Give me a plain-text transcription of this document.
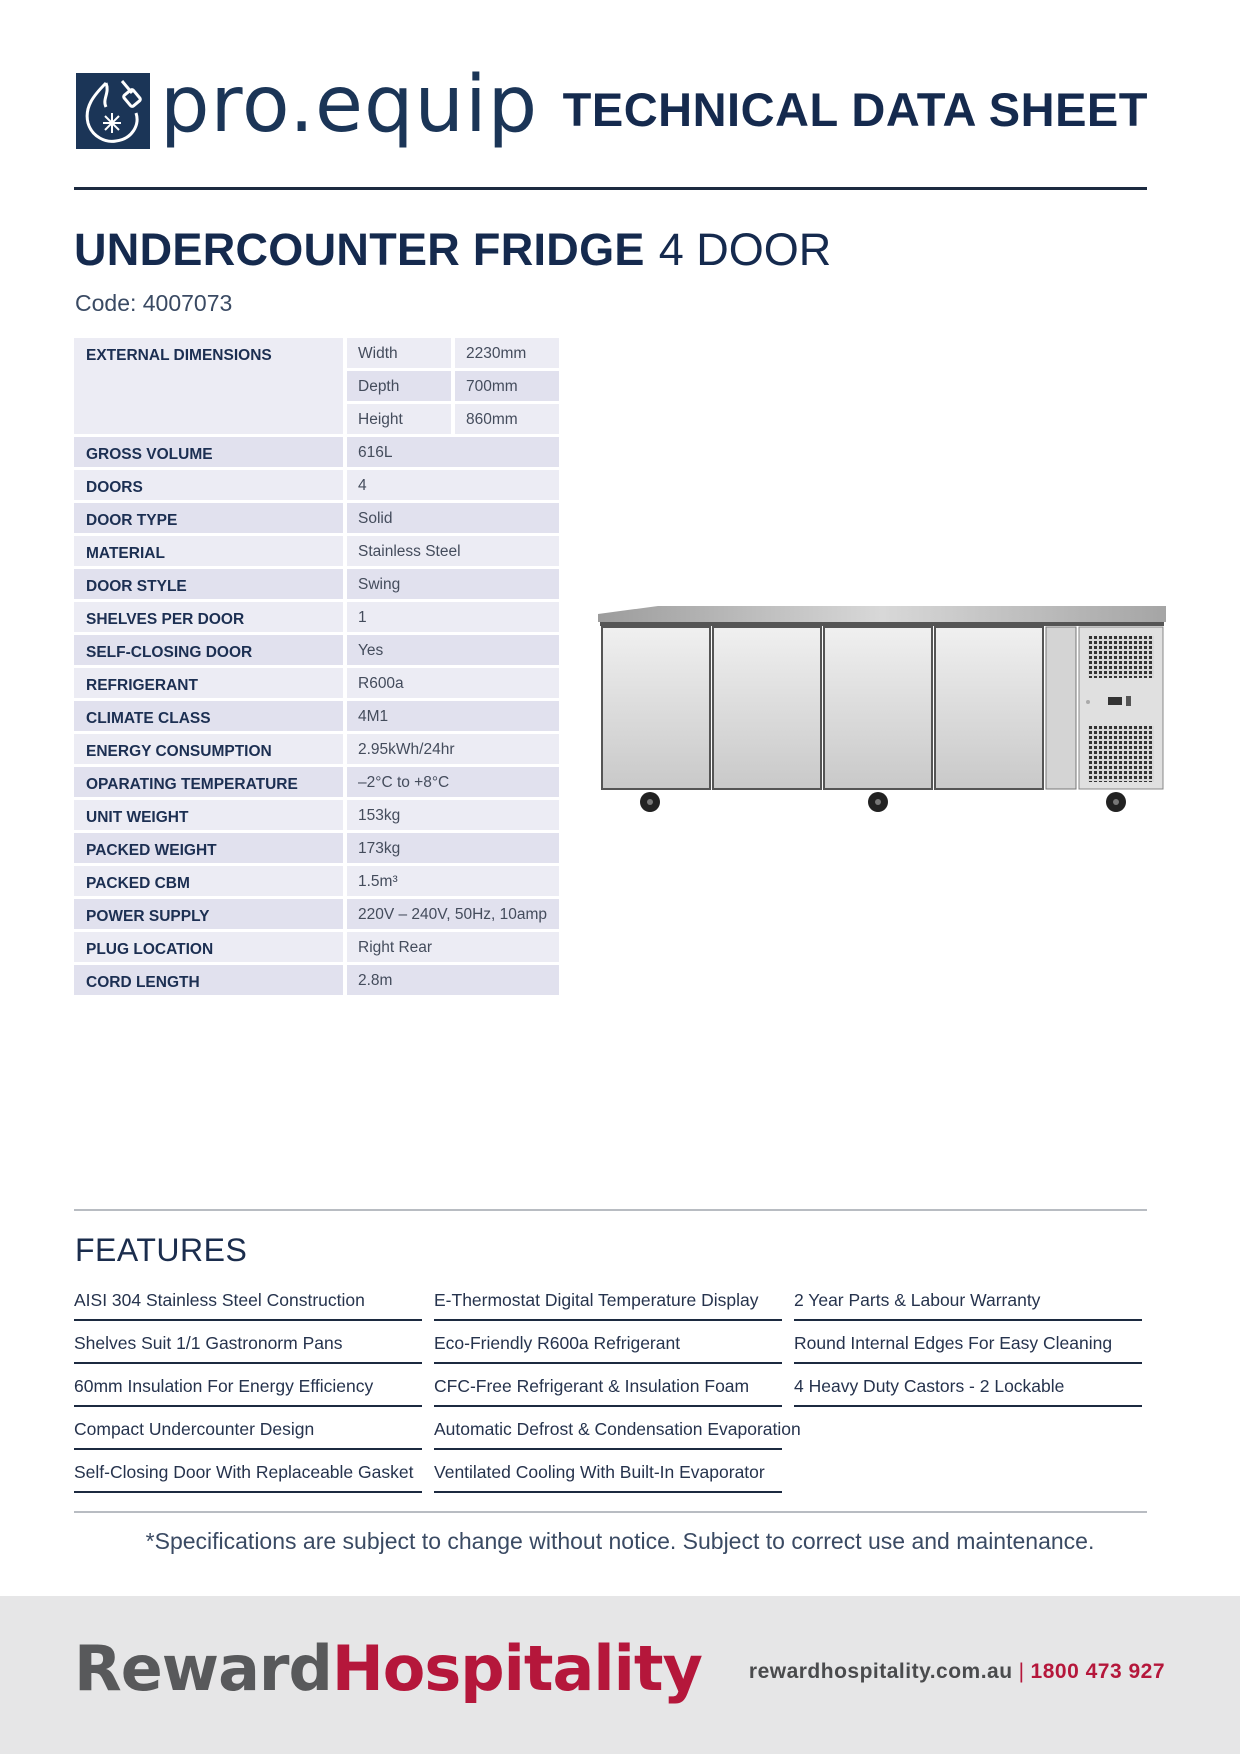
pro.equip TECHNICAL DATA SHEET
UNDERCOUNTER FRIDGE 4 DOOR
Code: 4007073
EXTERNAL DIMENSIONS	Width	2230mm
Depth	700mm
Height	860mm
GROSS VOLUME	616L
DOORS	4
DOOR TYPE	Solid
MATERIAL	Stainless Steel
DOOR STYLE	Swing
SHELVES PER DOOR	1
SELF-CLOSING DOOR	Yes
REFRIGERANT	R600a
CLIMATE CLASS	4M1
ENERGY CONSUMPTION	2.95kWh/24hr
OPARATING TEMPERATURE	–2°C to +8°C
UNIT WEIGHT	153kg
PACKED WEIGHT	173kg
PACKED CBM	1.5m³
POWER SUPPLY	220V – 240V, 50Hz, 10amp
PLUG LOCATION	Right Rear
CORD LENGTH	2.8m
FEATURES
AISI 304 Stainless Steel Construction
Shelves Suit 1/1 Gastronorm Pans
60mm Insulation For Energy Efficiency
Compact Undercounter Design
Self-Closing Door With Replaceable Gasket
E-Thermostat Digital Temperature Display
Eco-Friendly R600a Refrigerant
CFC-Free Refrigerant & Insulation Foam
Automatic Defrost & Condensation Evaporation
Ventilated Cooling With Built-In Evaporator
2 Year Parts & Labour Warranty
Round Internal Edges For Easy Cleaning
4 Heavy Duty Castors - 2 Lockable
*Specifications are subject to change without notice. Subject to correct use and maintenance.
RewardHospitality rewardhospitality.com.au | 1800 473 927
